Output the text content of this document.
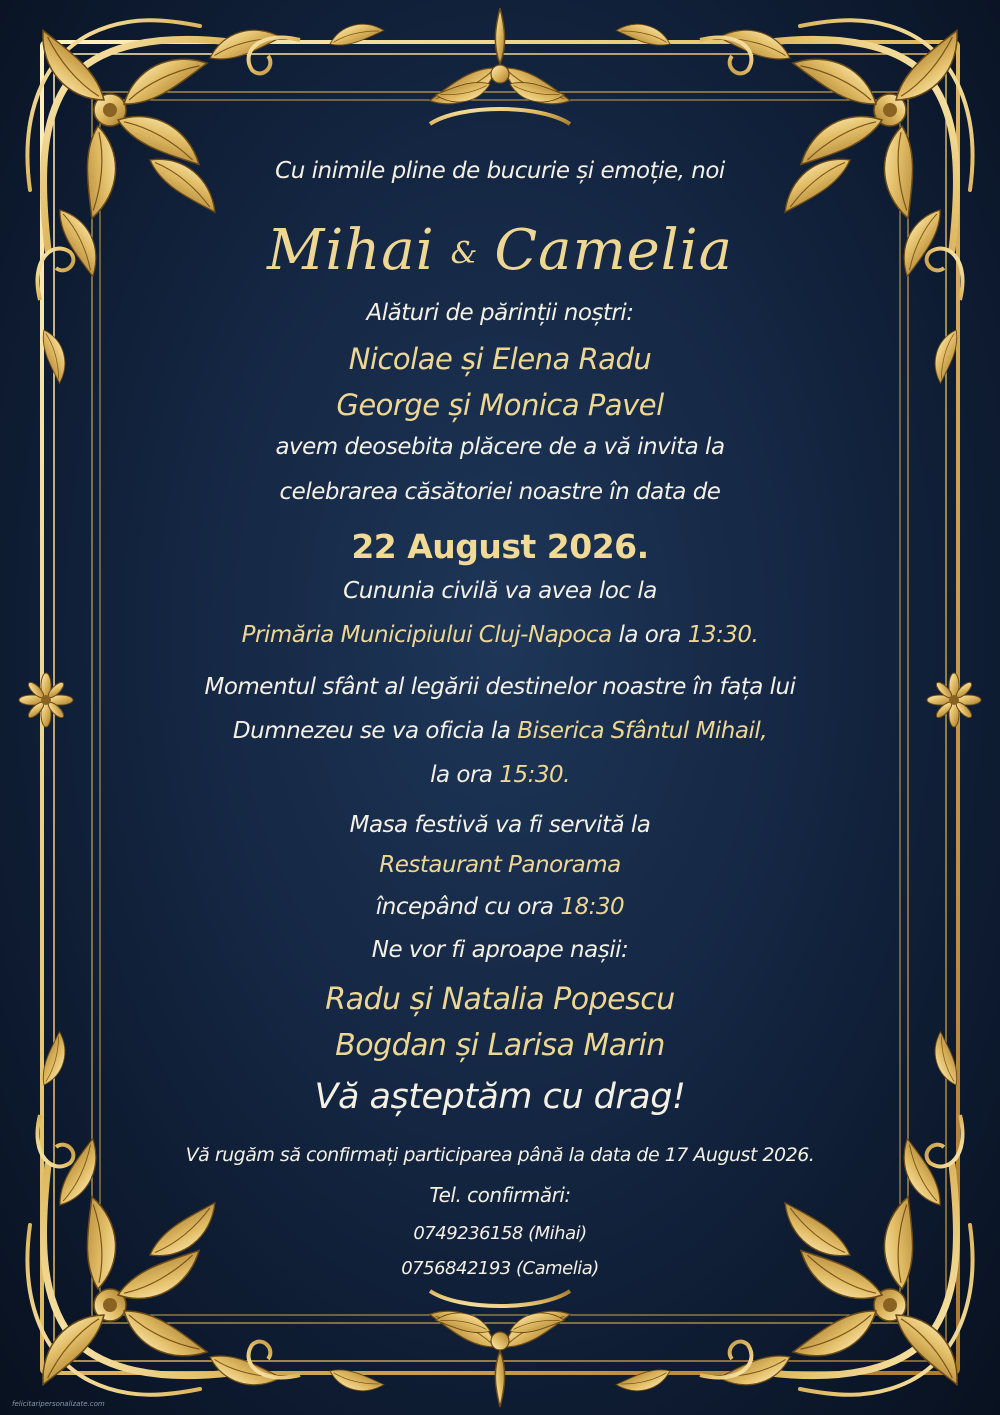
Cu inimile pline de bucurie și emoție, noi
Mihai & Camelia
Alături de părinții noștri:
Nicolae și Elena Radu
George și Monica Pavel
avem deosebita plăcere de a vă invita la
celebrarea căsătoriei noastre în data de
22 August 2026.
Cununia civilă va avea loc la
Primăria Municipiului Cluj-Napoca la ora 13:30.
Momentul sfânt al legării destinelor noastre în fața lui
Dumnezeu se va oficia la Biserica Sfântul Mihail,
la ora 15:30.
Masa festivă va fi servită la
Restaurant Panorama
începând cu ora 18:30
Ne vor fi aproape nașii:
Radu și Natalia Popescu
Bogdan și Larisa Marin
Vă așteptăm cu drag!
Vă rugăm să confirmați participarea până la data de 17 August 2026.
Tel. confirmări:
0749236158 (Mihai)
0756842193 (Camelia)
felicitaripersonalizate.com
